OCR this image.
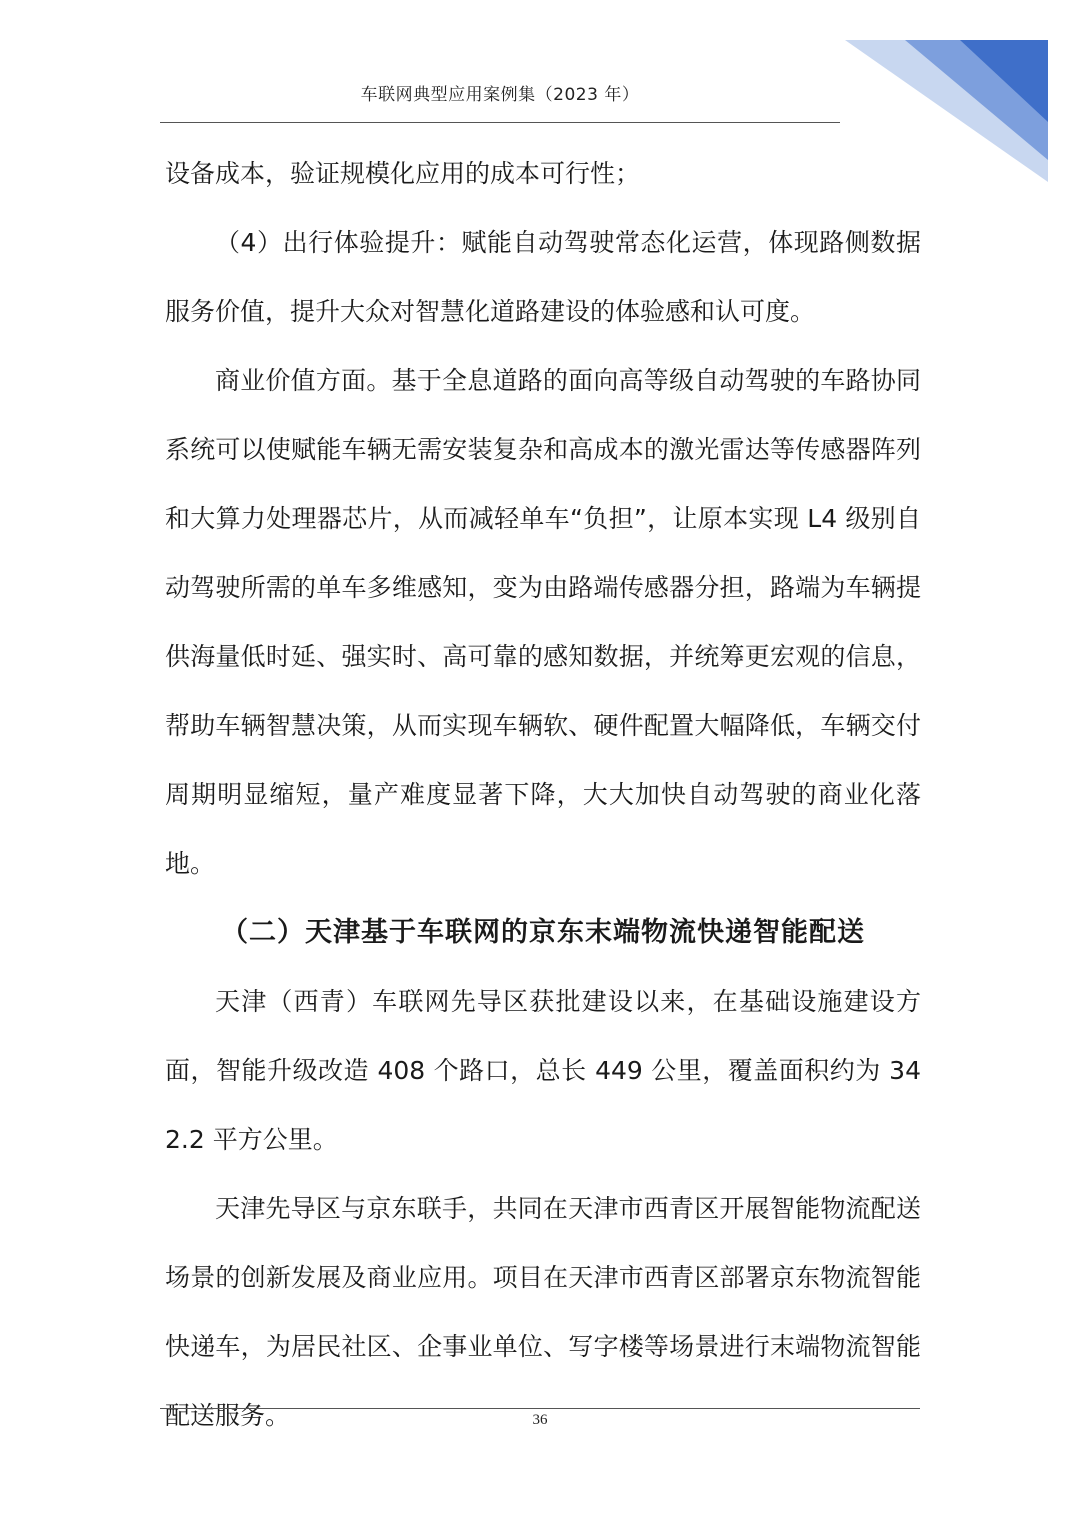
车联网典型应用案例集（2023 年）

设备成本，验证规模化应用的成本可行性；

（4）出行体验提升：赋能自动驾驶常态化运营，体现路侧数据服务价值，提升大众对智慧化道路建设的体验感和认可度。

商业价值方面。基于全息道路的面向高等级自动驾驶的车路协同系统可以使赋能车辆无需安装复杂和高成本的激光雷达等传感器阵列和大算力处理器芯片，从而减轻单车“负担”，让原本实现 L4 级别自动驾驶所需的单车多维感知，变为由路端传感器分担，路端为车辆提供海量低时延、强实时、高可靠的感知数据，并统筹更宏观的信息，帮助车辆智慧决策，从而实现车辆软、硬件配置大幅降低，车辆交付周期明显缩短，量产难度显著下降，大大加快自动驾驶的商业化落地。

（二）天津基于车联网的京东末端物流快递智能配送

天津（西青）车联网先导区获批建设以来，在基础设施建设方面，智能升级改造 408 个路口，总长 449 公里，覆盖面积约为 342.2 平方公里。

天津先导区与京东联手，共同在天津市西青区开展智能物流配送场景的创新发展及商业应用。项目在天津市西青区部署京东物流智能快递车，为居民社区、企事业单位、写字楼等场景进行末端物流智能配送服务。	36
